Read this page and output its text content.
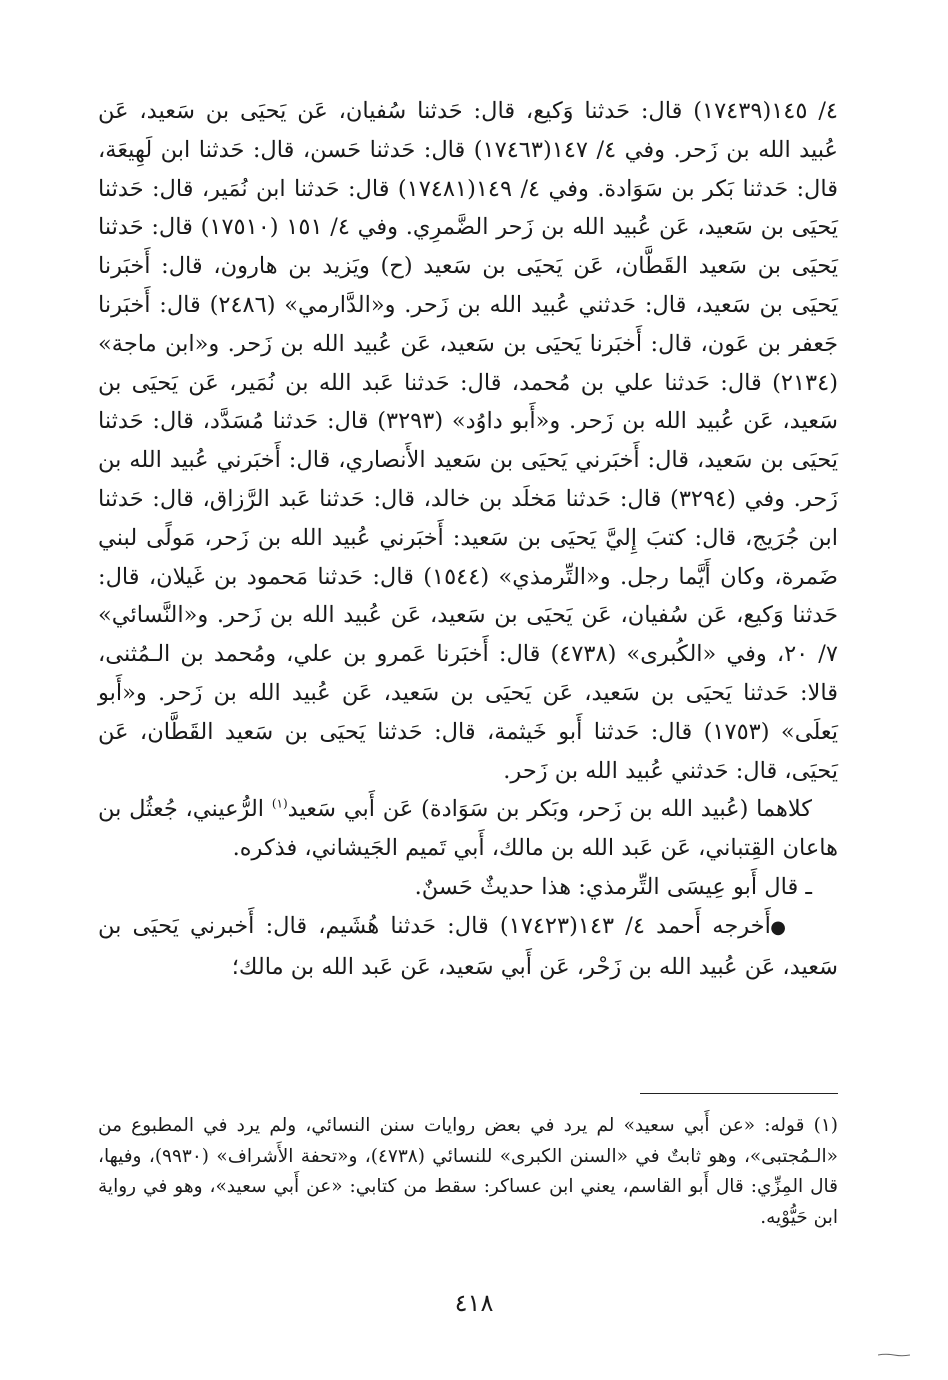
٤/ ١٤٥(١٧٤٣٩) قال: حَدثنا وَكيع، قال: حَدثنا سُفيان، عَن يَحيَى بن سَعيد، عَن عُبيد الله بن زَحر. وفي ٤/ ١٤٧(١٧٤٦٣) قال: حَدثنا حَسن، قال: حَدثنا ابن لَهِيعَة، قال: حَدثنا بَكر بن سَوَادة. وفي ٤/ ١٤٩(١٧٤٨١) قال: حَدثنا ابن نُمَير، قال: حَدثنا يَحيَى بن سَعيد، عَن عُبيد الله بن زَحر الضَّمرِي. وفي ٤/ ١٥١ (١٧٥١٠) قال: حَدثنا يَحيَى بن سَعيد القَطَّان، عَن يَحيَى بن سَعيد (ح) ويَزيد بن هارون، قال: أَخبَرنا يَحيَى بن سَعيد، قال: حَدثني عُبيد الله بن زَحر. و«الدَّارمي» (٢٤٨٦) قال: أَخبَرنا جَعفر بن عَون، قال: أَخبَرنا يَحيَى بن سَعيد، عَن عُبيد الله بن زَحر. و«ابن ماجة» (٢١٣٤) قال: حَدثنا علي بن مُحمد، قال: حَدثنا عَبد الله بن نُمَير، عَن يَحيَى بن سَعيد، عَن عُبيد الله بن زَحر. و«أَبو داوُد» (٣٢٩٣) قال: حَدثنا مُسَدَّد، قال: حَدثنا يَحيَى بن سَعيد، قال: أَخبَرني يَحيَى بن سَعيد الأَنصاري، قال: أَخبَرني عُبيد الله بن زَحر. وفي (٣٢٩٤) قال: حَدثنا مَخلَد بن خالد، قال: حَدثنا عَبد الرَّزاق، قال: حَدثنا ابن جُرَيج، قال: كتبَ إِليَّ يَحيَى بن سَعيد: أَخبَرني عُبيد الله بن زَحر، مَولًى لبني ضَمرة، وكان أَيَّما رجل. و«التِّرمذي» (١٥٤٤) قال: حَدثنا مَحمود بن غَيلان، قال: حَدثنا وَكيع، عَن سُفيان، عَن يَحيَى بن سَعيد، عَن عُبيد الله بن زَحر. و«النَّسائي» ٧/ ٢٠، وفي «الكُبرى» (٤٧٣٨) قال: أَخبَرنا عَمرو بن علي، ومُحمد بن الـمُثنى، قالا: حَدثنا يَحيَى بن سَعيد، عَن يَحيَى بن سَعيد، عَن عُبيد الله بن زَحر. و«أَبو يَعلَى» (١٧٥٣) قال: حَدثنا أَبو خَيثمة، قال: حَدثنا يَحيَى بن سَعيد القَطَّان، عَن يَحيَى، قال: حَدثني عُبيد الله بن زَحر.

كلاهما (عُبيد الله بن زَحر، وبَكر بن سَوَادة) عَن أَبي سَعيد$^{(١)}$ الرُّعيني، جُعثُل بن هاعان القِتباني، عَن عَبد الله بن مالك، أَبي تَميم الجَيشاني، فذكره.

ـ قال أَبو عِيسَى التِّرمذي: هذا حديثٌ حَسنٌ.

● أَخرجه أَحمد ٤/ ١٤٣(١٧٤٢٣) قال: حَدثنا هُشَيم، قال: أَخبرني يَحيَى بن سَعيد، عَن عُبيد الله بن زَحْر، عَن أَبي سَعيد، عَن عَبد الله بن مالك؛

(١) قوله: «عن أَبي سعيد» لم يرد في بعض روايات سنن النسائي، ولم يرد في المطبوع من «الـمُجتبى»، وهو ثابتٌ في «السنن الكبرى» للنسائي (٤٧٣٨)، و«تحفة الأَشراف» (٩٩٣٠)، وفيها، قال المِزِّي: قال أَبو القاسم، يعني ابن عساكر: سقط من كتابي: «عن أَبي سعيد»، وهو في رواية ابن حَيُّوْيه.

٤١٨
